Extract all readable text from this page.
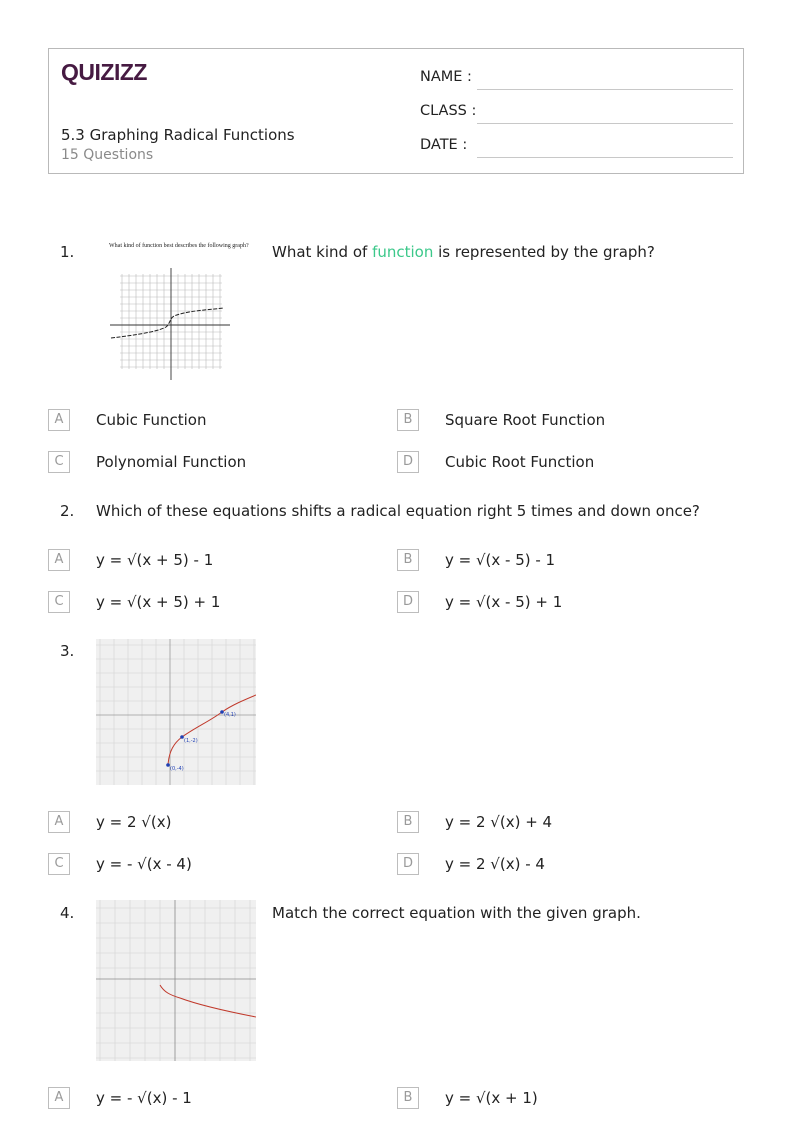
QUIZIZZ
5.3 Graphing Radical Functions
15 Questions
NAME :
CLASS :
DATE :
1.	What kind of function best describes the following graph? What kind of function is represented by the graph?
A	Cubic Function	B	Square Root Function
C	Polynomial Function	D	Cubic Root Function
2. Which of these equations shifts a radical equation right 5 times and down once?
A	y = √(x + 5) - 1	B	y = √(x - 5) - 1
C	y = √(x + 5) + 1	D	y = √(x - 5) + 1
3.
(4,1)
(1,-2)
(0,-4)
A	y = 2 √(x)	B	y = 2 √(x) + 4
C	y = - √(x - 4)	D	y = 2 √(x) - 4
4.	Match the correct equation with the given graph.
A	y = - √(x) - 1	B	y = √(x + 1)
